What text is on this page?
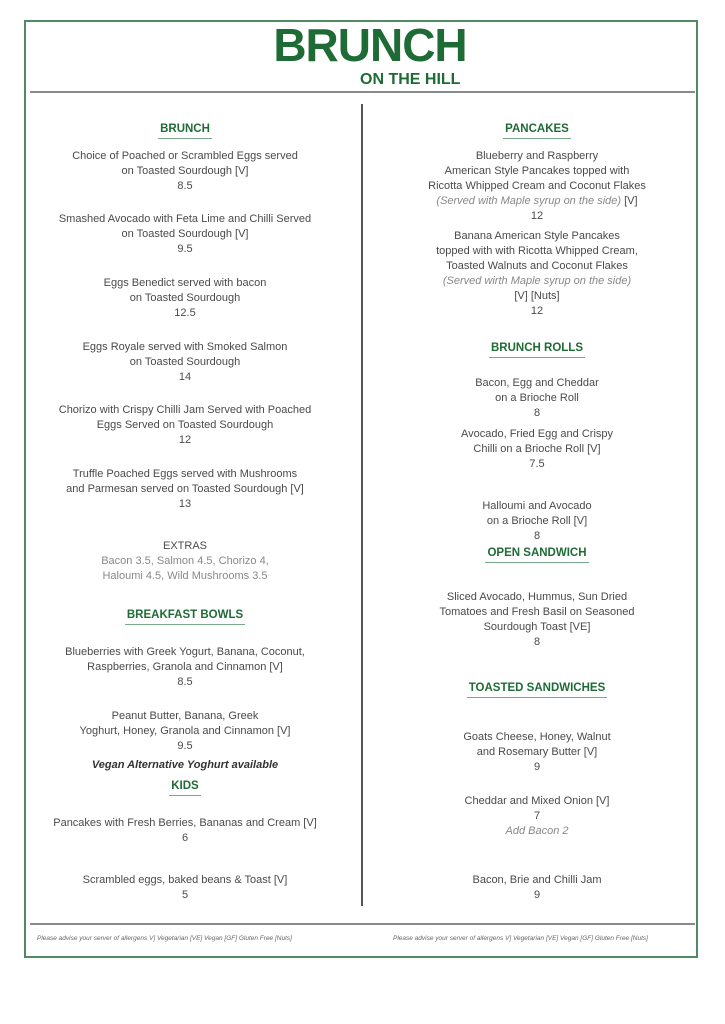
BRUNCH
ON THE HILL
BRUNCH
Choice of Poached or Scrambled Eggs served
on Toasted Sourdough [V]
8.5
Smashed Avocado with Feta Lime and Chilli Served
on Toasted Sourdough [V]
9.5
Eggs Benedict served with bacon
on Toasted Sourdough
12.5
Eggs Royale served with Smoked Salmon
on Toasted Sourdough
14
Chorizo with Crispy Chilli Jam Served with Poached
Eggs Served on Toasted Sourdough
12
Truffle Poached Eggs served with Mushrooms
and Parmesan served on Toasted Sourdough [V]
13
EXTRAS
Bacon 3.5, Salmon 4.5, Chorizo 4,
Haloumi 4.5, Wild Mushrooms 3.5
BREAKFAST BOWLS
Blueberries with Greek Yogurt, Banana, Coconut,
Raspberries, Granola and Cinnamon [V]
8.5
Peanut Butter, Banana, Greek
Yoghurt, Honey, Granola and Cinnamon [V]
9.5
Vegan Alternative Yoghurt available
KIDS
Pancakes with Fresh Berries, Bananas and Cream [V]
6
Scrambled eggs, baked beans & Toast [V]
5
PANCAKES
Blueberry and Raspberry
American Style Pancakes topped with
Ricotta Whipped Cream and Coconut Flakes
(Served with Maple syrup on the side) [V]
12
Banana American Style Pancakes
topped with with Ricotta Whipped Cream,
Toasted Walnuts and Coconut Flakes
(Served wirth Maple syrup on the side)
[V] [Nuts]
12
BRUNCH ROLLS
Bacon, Egg and Cheddar
on a Brioche Roll
8
Avocado, Fried Egg and Crispy
Chilli on a Brioche Roll [V]
7.5
Halloumi and Avocado
on a Brioche Roll [V]
8
OPEN SANDWICH
Sliced Avocado, Hummus, Sun Dried
Tomatoes and Fresh Basil on Seasoned
Sourdough Toast [VE]
8
TOASTED SANDWICHES
Goats Cheese, Honey, Walnut
and Rosemary Butter [V]
9
Cheddar and Mixed Onion [V]
7
Add Bacon 2
Bacon, Brie and Chilli Jam
9
Please advise your server of allergens V] Vegetarian [VE] Vegan [GF] Gluten Free [Nuts]	Please advise your server of allergens V] Vegetarian [VE] Vegan [GF] Gluten Free [Nuts]
